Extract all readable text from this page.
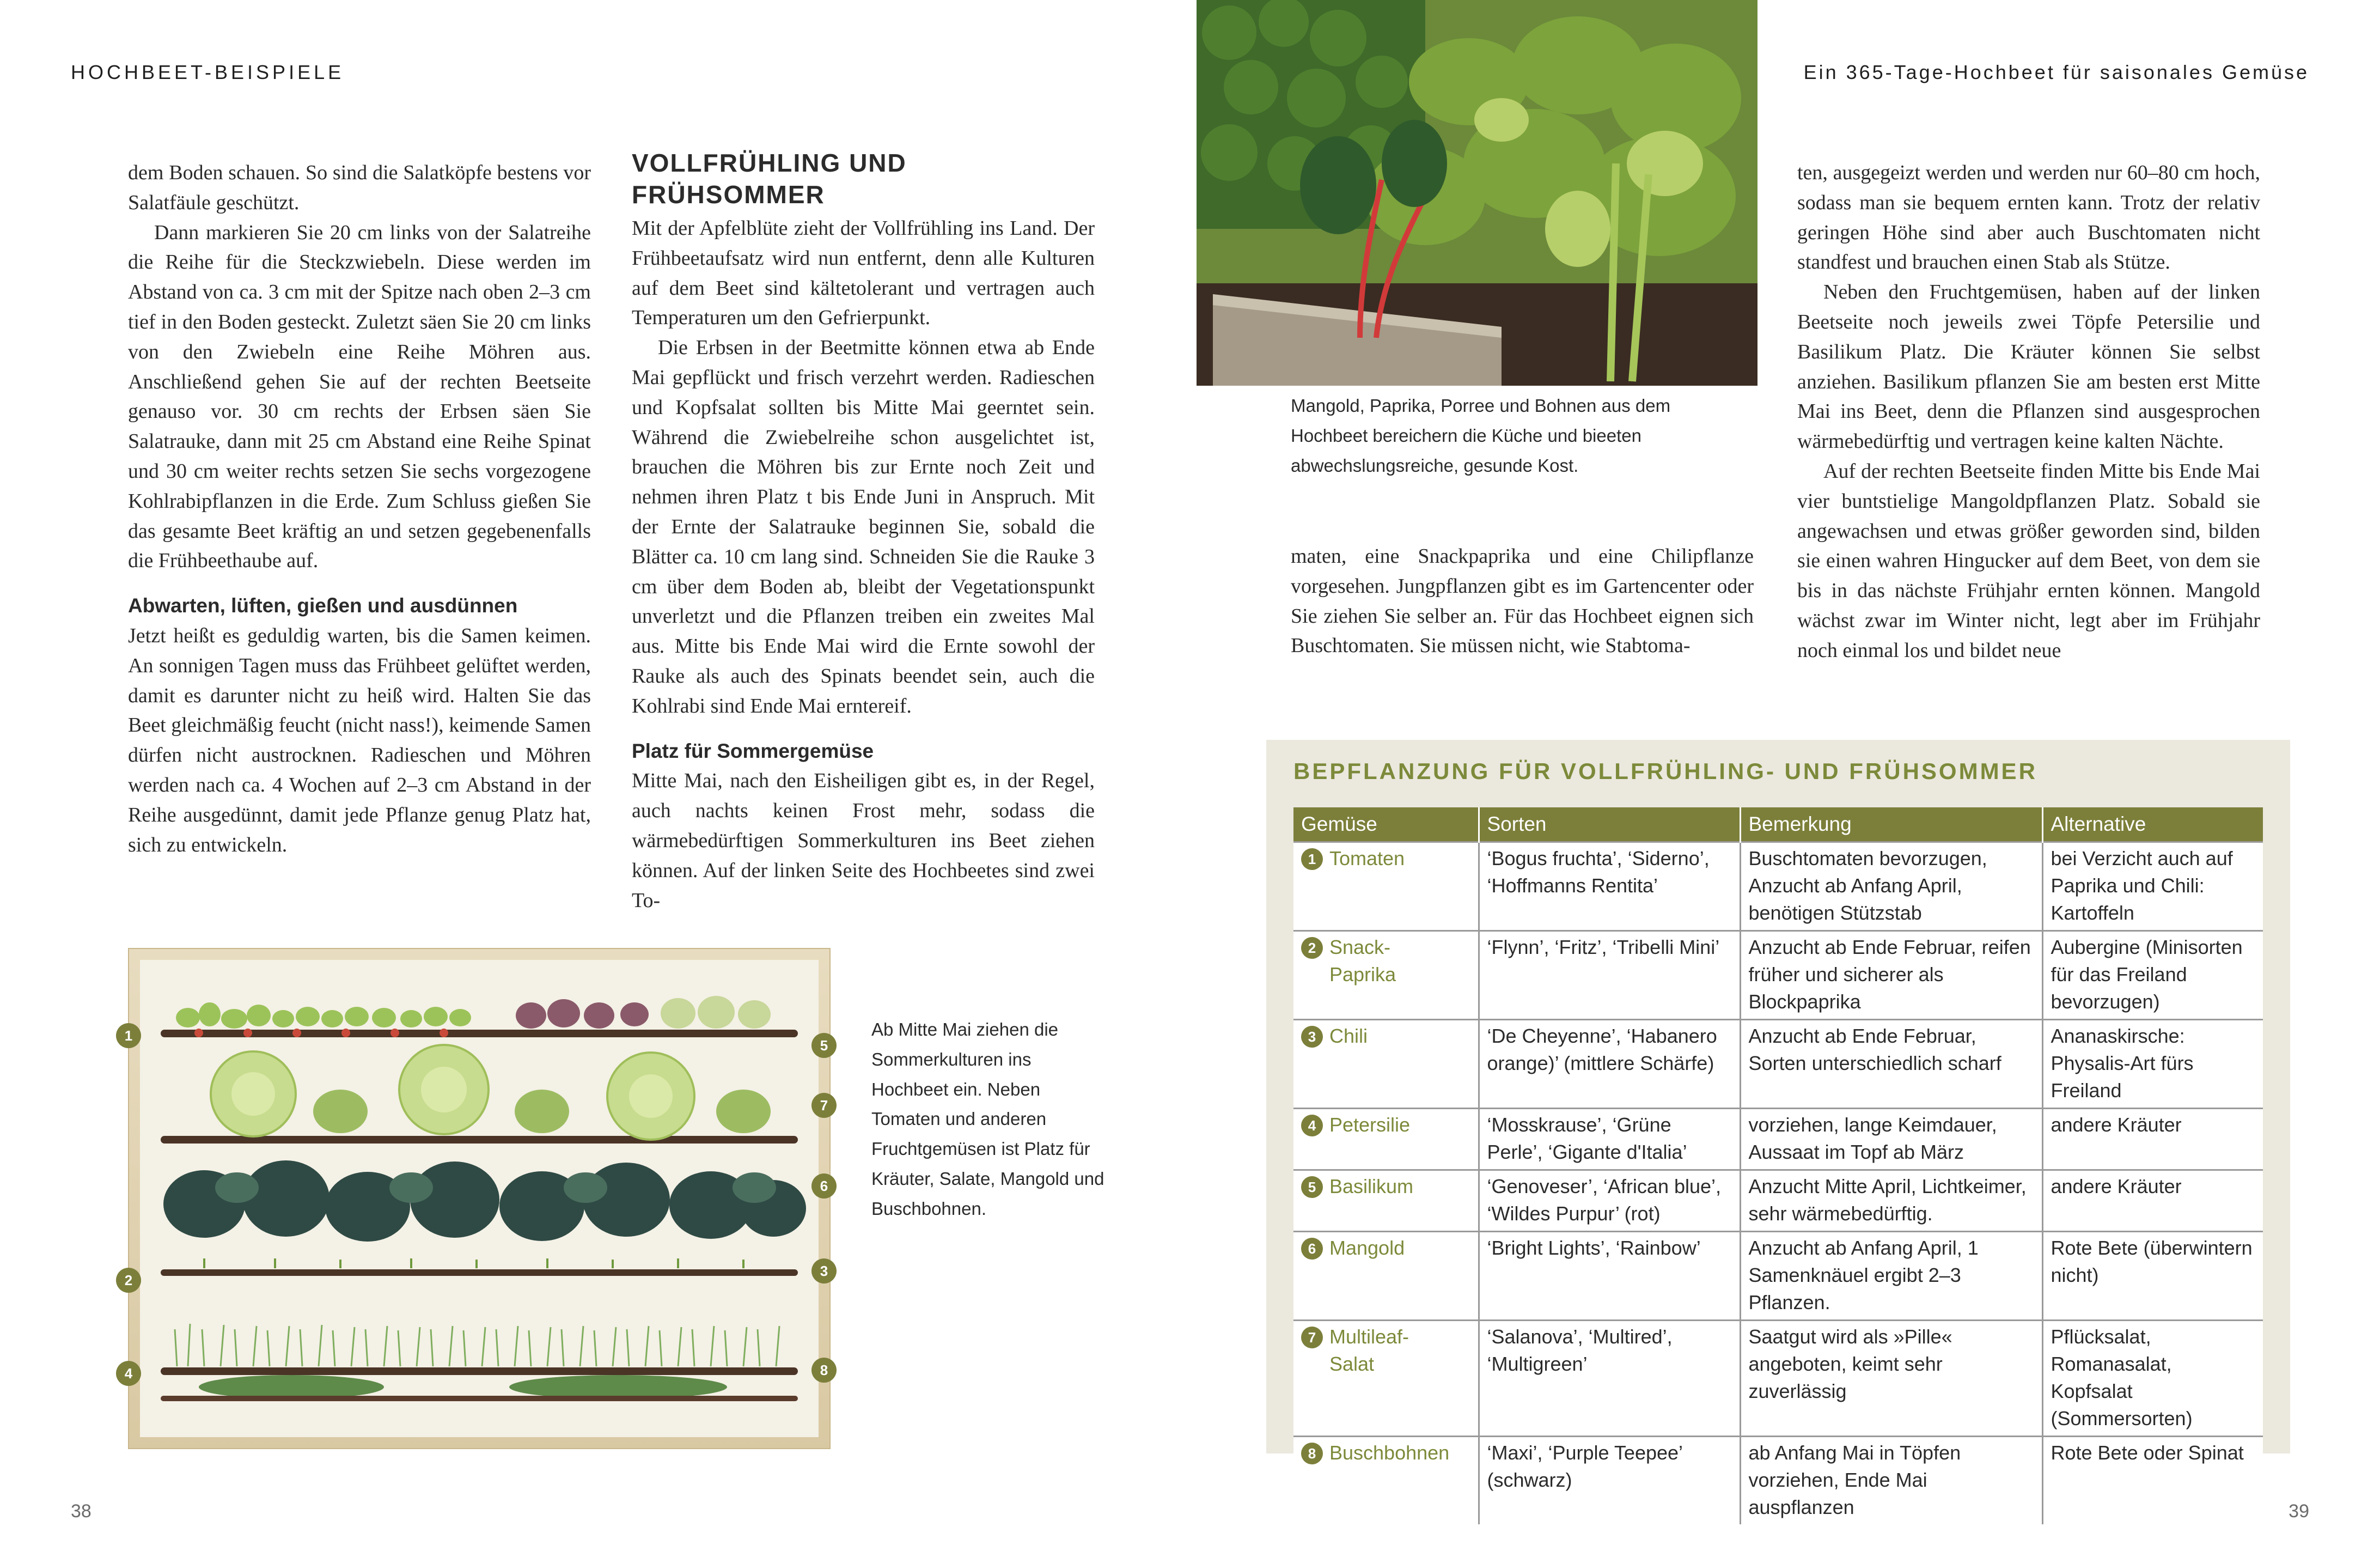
HOCHBEET-BEISPIELE

dem Boden schauen. So sind die Salatköpfe bestens vor Salatfäule geschützt.

Dann markieren Sie 20 cm links von der Salatreihe die Reihe für die Steckzwiebeln. Diese werden im Abstand von ca. 3 cm mit der Spitze nach oben 2–3 cm tief in den Boden gesteckt. Zuletzt säen Sie 20 cm links von den Zwiebeln eine Reihe Möhren aus. Anschließend gehen Sie auf der rechten Beetseite genauso vor. 30 cm rechts der Erbsen säen Sie Salatrauke, dann mit 25 cm Abstand eine Reihe Spinat und 30 cm weiter rechts setzen Sie sechs vorgezogene Kohlrabipflanzen in die Erde. Zum Schluss gießen Sie das gesamte Beet kräftig an und setzen gegebenenfalls die Frühbeethaube auf.

Abwarten, lüften, gießen und ausdünnen

Jetzt heißt es geduldig warten, bis die Samen keimen. An sonnigen Tagen muss das Frühbeet gelüftet werden, damit es darunter nicht zu heiß wird. Halten Sie das Beet gleichmäßig feucht (nicht nass!), keimende Samen dürfen nicht austrocknen. Radieschen und Möhren werden nach ca. 4 Wochen auf 2–3 cm Abstand in der Reihe ausgedünnt, damit jede Pflanze genug Platz hat, sich zu entwickeln.

VOLLFRÜHLING UND FRÜHSOMMER

Mit der Apfelblüte zieht der Vollfrühling ins Land. Der Frühbeetaufsatz wird nun entfernt, denn alle Kulturen auf dem Beet sind kältetolerant und vertragen auch Temperaturen um den Gefrierpunkt.

Die Erbsen in der Beetmitte können etwa ab Ende Mai gepflückt und frisch verzehrt werden. Radieschen und Kopfsalat sollten bis Mitte Mai geerntet sein. Während die Zwiebelreihe schon ausgelichtet ist, brauchen die Möhren bis zur Ernte noch Zeit und nehmen ihren Platz t bis Ende Juni in Anspruch. Mit der Ernte der Salatrauke beginnen Sie, sobald die Blätter ca. 10 cm lang sind. Schneiden Sie die Rauke 3 cm über dem Boden ab, bleibt der Vegetationspunkt unverletzt und die Pflanzen treiben ein zweites Mal aus. Mitte bis Ende Mai wird die Ernte sowohl der Rauke als auch des Spinats beendet sein, auch die Kohlrabi sind Ende Mai erntereif.

Platz für Sommergemüse

Mitte Mai, nach den Eisheiligen gibt es, in der Regel, auch nachts keinen Frost mehr, sodass die wärmebedürftigen Sommerkulturen ins Beet ziehen können. Auf der linken Seite des Hochbeetes sind zwei To-

1
2
4
5
7
6
3
8
Ab Mitte Mai ziehen die Sommerkulturen ins Hochbeet ein. Neben Tomaten und anderen Fruchtgemüsen ist Platz für Kräuter, Salate, Mangold und Buschbohnen.
38
Ein 365-Tage-Hochbeet für saisonales Gemüse
39
Mangold, Paprika, Porree und Bohnen aus dem Hochbeet bereichern die Küche und bieeten abwechslungsreiche, gesunde Kost.

maten, eine Snackpaprika und eine Chilipflanze vorgesehen. Jungpflanzen gibt es im Gartencenter oder Sie ziehen Sie selber an. Für das Hochbeet eignen sich Buschtomaten. Sie müssen nicht, wie Stabtoma-

ten, ausgegeizt werden und werden nur 60–80 cm hoch, sodass man sie bequem ernten kann. Trotz der relativ geringen Höhe sind aber auch Buschtomaten nicht standfest und brauchen einen Stab als Stütze.

Neben den Fruchtgemüsen, haben auf der linken Beetseite noch jeweils zwei Töpfe Petersilie und Basilikum Platz. Die Kräuter können Sie selbst anziehen. Basilikum pflanzen Sie am besten erst Mitte Mai ins Beet, denn die Pflanzen sind ausgesprochen wärmebedürftig und vertragen keine kalten Nächte.

Auf der rechten Beetseite finden Mitte bis Ende Mai vier buntstielige Mangoldpflanzen Platz. Sobald sie angewachsen und etwas größer geworden sind, bilden sie einen wahren Hingucker auf dem Beet, von dem sie bis in das nächste Frühjahr ernten können. Mangold wächst zwar im Winter nicht, legt aber im Frühjahr noch einmal los und bildet neue

BEPFLANZUNG FÜR VOLLFRÜHLING- UND FRÜHSOMMER
Gemüse	Sorten	Bemerkung	Alternative
1 Tomaten	‘Bogus fruchta’, ‘Siderno’, ‘Hoffmanns Rentita’	Buschtomaten bevorzugen, Anzucht ab Anfang April, benötigen Stützstab	bei Verzicht auch auf Paprika und Chili: Kartoffeln
2 Snack-Paprika	‘Flynn’, ‘Fritz’, ‘Tribelli Mini’	Anzucht ab Ende Februar, reifen früher und sicherer als Blockpaprika	Aubergine (Minisorten für das Freiland bevorzugen)
3 Chili	‘De Cheyenne’, ‘Habanero orange)’ (mittlere Schärfe)	Anzucht ab Ende Februar, Sorten unterschiedlich scharf	Ananaskirsche: Physalis-Art fürs Freiland
4 Petersilie	‘Mosskrause’, ‘Grüne Perle’, ‘Gigante d'Italia’	vorziehen, lange Keimdauer, Aussaat im Topf ab März	andere Kräuter
5 Basilikum	‘Genoveser’, ‘African blue’, ‘Wildes Purpur’ (rot)	Anzucht Mitte April, Lichtkeimer, sehr wärmebedürftig.	andere Kräuter
6 Mangold	‘Bright Lights’, ‘Rainbow’	Anzucht ab Anfang April, 1 Samenknäuel ergibt 2–3 Pflanzen.	Rote Bete (überwintern nicht)
7 Multileaf-Salat	‘Salanova’, ‘Multired’, ‘Multigreen’	Saatgut wird als »Pille« angeboten, keimt sehr zuverlässig	Pflücksalat, Romanasalat, Kopfsalat (Sommersorten)
8 Buschbohnen	‘Maxi’, ‘Purple Teepee’ (schwarz)	ab Anfang Mai in Töpfen vorziehen, Ende Mai auspflanzen	Rote Bete oder Spinat
